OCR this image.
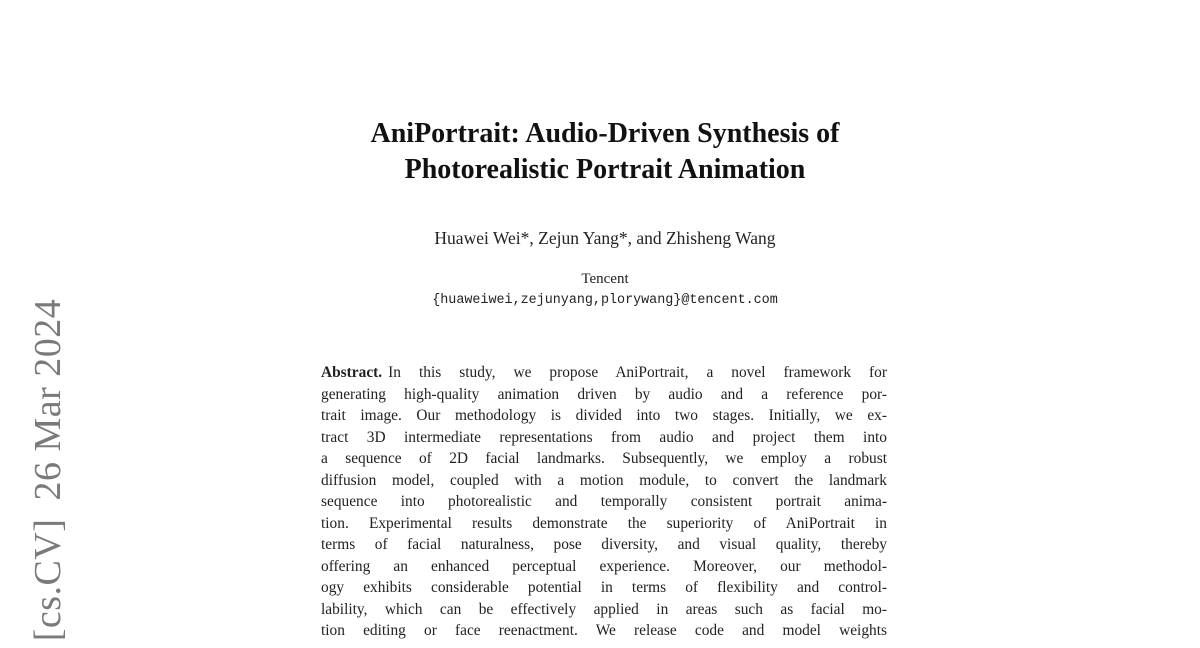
[cs.CV]26 Mar 2024
AniPortrait: Audio-Driven Synthesis of
Photorealistic Portrait Animation
Huawei Wei*, Zejun Yang*, and Zhisheng Wang
Tencent
{huaweiwei,zejunyang,plorywang}@tencent.com
Abstract. In this study, we propose AniPortrait, a novel framework for
generating high-quality animation driven by audio and a reference por-
trait image. Our methodology is divided into two stages. Initially, we ex-
tract 3D intermediate representations from audio and project them into
a sequence of 2D facial landmarks. Subsequently, we employ a robust
diffusion model, coupled with a motion module, to convert the landmark
sequence into photorealistic and temporally consistent portrait anima-
tion. Experimental results demonstrate the superiority of AniPortrait in
terms of facial naturalness, pose diversity, and visual quality, thereby
offering an enhanced perceptual experience. Moreover, our methodol-
ogy exhibits considerable potential in terms of flexibility and control-
lability, which can be effectively applied in areas such as facial mo-
tion editing or face reenactment. We release code and model weights
